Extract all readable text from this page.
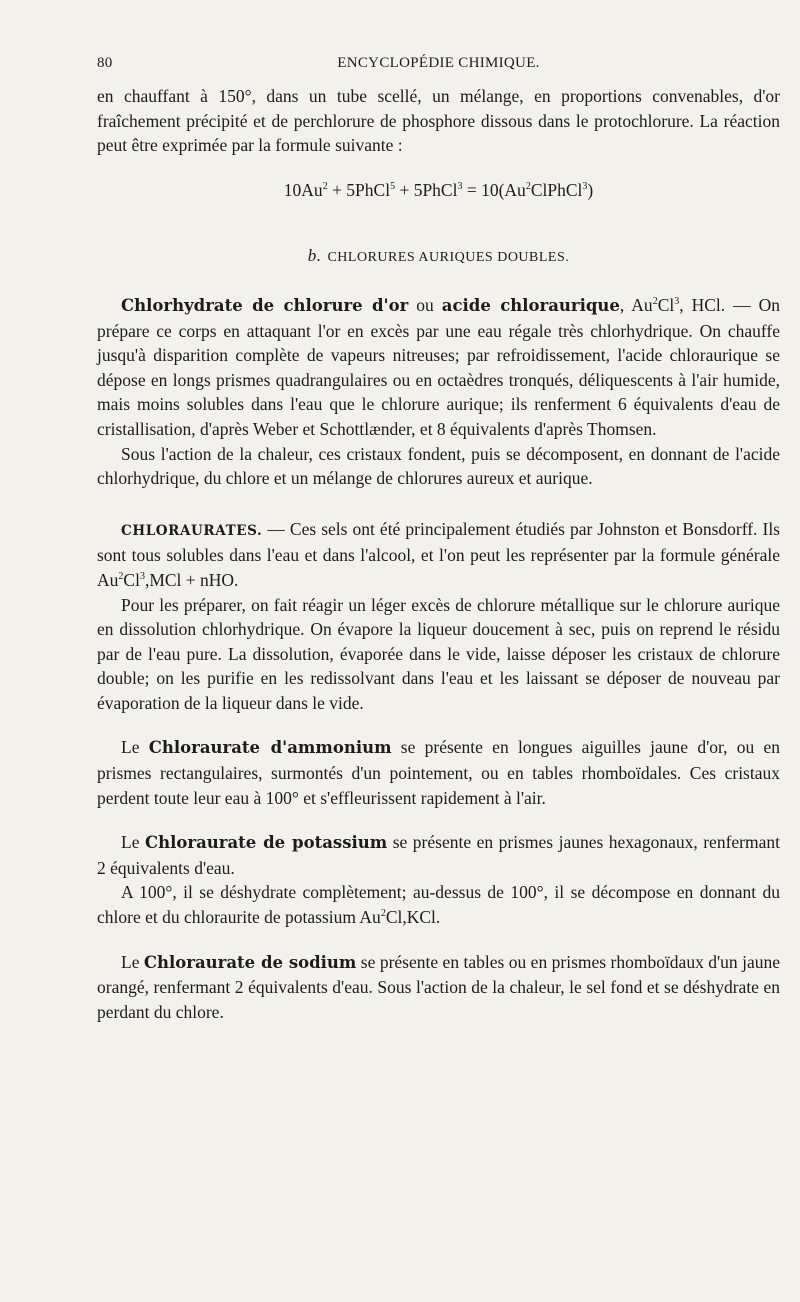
80	ENCYCLOPÉDIE CHIMIQUE.

en chauffant à 150°, dans un tube scellé, un mélange, en proportions convenables, d'or fraîchement précipité et de perchlorure de phosphore dissous dans le protochlorure. La réaction peut être exprimée par la formule suivante :

$10Au^2$ + 5PhCl$^5$ + 5PhCl$^3$ = $10(Au^2ClPhCl^3)$

b. CHLORURES AURIQUES DOUBLES.

Chlorhydrate de chlorure d'or ou acide chloraurique, Au$^2$Cl$^3$, HCl. — On prépare ce corps en attaquant l'or en excès par une eau régale très chlorhydrique. On chauffe jusqu'à disparition complète de vapeurs nitreuses; par refroidissement, l'acide chloraurique se dépose en longs prismes quadrangulaires ou en octaèdres tronqués, déliquescents à l'air humide, mais moins solubles dans l'eau que le chlorure aurique; ils renferment 6 équivalents d'eau de cristallisation, d'après Weber et Schottlænder, et 8 équivalents d'après Thomsen.

Sous l'action de la chaleur, ces cristaux fondent, puis se décomposent, en donnant de l'acide chlorhydrique, du chlore et un mélange de chlorures aureux et aurique.

CHLORAURATES. — Ces sels ont été principalement étudiés par Johnston et Bonsdorff. Ils sont tous solubles dans l'eau et dans l'alcool, et l'on peut les représenter par la formule générale $Au^2Cl^3,MCl$ + nHO.

Pour les préparer, on fait réagir un léger excès de chlorure métallique sur le chlorure aurique en dissolution chlorhydrique. On évapore la liqueur doucement à sec, puis on reprend le résidu par de l'eau pure. La dissolution, évaporée dans le vide, laisse déposer les cristaux de chlorure double; on les purifie en les redissolvant dans l'eau et les laissant se déposer de nouveau par évaporation de la liqueur dans le vide.

Le Chloraurate d'ammonium se présente en longues aiguilles jaune d'or, ou en prismes rectangulaires, surmontés d'un pointement, ou en tables rhomboïdales. Ces cristaux perdent toute leur eau à 100° et s'effleurissent rapidement à l'air.

Le Chloraurate de potassium se présente en prismes jaunes hexagonaux, renfermant 2 équivalents d'eau.

A 100°, il se déshydrate complètement; au-dessus de 100°, il se décompose en donnant du chlore et du chloraurite de potassium Au$^2$Cl,KCl.

Le Chloraurate de sodium se présente en tables ou en prismes rhomboïdaux d'un jaune orangé, renfermant 2 équivalents d'eau. Sous l'action de la chaleur, le sel fond et se déshydrate en perdant du chlore.
